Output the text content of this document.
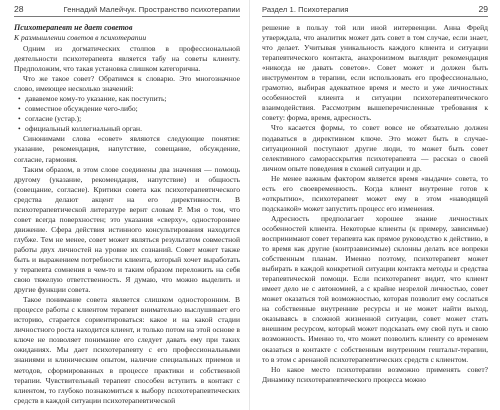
28	Геннадий Малейчук. Пространство психотерапии
Психотерапевт не дает советов
К размышлении советов в психотерапии

Одним из догматических столпов в профессиональной деятельности психотерапевта является табу на советы клиенту. Предположим, что такая установка слишком категорична.

Что же такое совет? Обратимся к словарю. Это многозначное слово, имеющее несколько значений:

• дававемое кому-то указание, как поступить;
• совместное обсуждение чего-либо;
• согласие (устар.);
• официальный коллегиальный орган.

Синонимами слова «совет» являются следующие понятия: указание, рекомендация, напутствие, совещание, обсуждение, согласие, гармония.

Таким образом, в этом слове соединены два значения — помощь другому (указание, рекомендация, напутствие) и общность (совещание, согласие). Критики совета как психотерапевтического средства делают акцент на его директивности. В психотерапевтической литературе вернт словам Р. Мэя о том, что совет всегда поверхностен; это указания «сверху», одностороннее движение. Сфера действия истинного консультирования находится глубже. Тем не менее, совет может являться результатом совместной работы двух личностей на уровне их сознаний. Совет может также быть и выражением потребности клиента, который хочет выработать у терапевта сомнения в чем-то и таким образом переложить на себя свою тяжелую ответственность. Я думаю, что можно выделить и другие функции совета.

Такое понимание совета является слишком односторонним. В процессе работы с клиентом терапевт внимательно выслушивает его историю, старается сориентироваться: какое и на какой стадии личностного роста находится клиент, и только потом на этой основе в ключе не позволяет понимание его следует давать ему при таких ожиданиях. Мы дает психотерапевту с его профессиональными знаниями и клиническим опытом, наличие специальных приемов и методов, сформированных в процессе практики и собственной терапии. Чувствительный терапевт способен вступить в контакт с клиентом, то глубоко познакомиться к выбору психотерапевтических средств в каждой ситуации психотерапевтической

Раздел 1. Психотерапия	29

решение в пользу той или иной интервенции. Анна Фрейд утверждала, что аналитик может дать совет в том случае, если знает, что делает. Учитывая уникальность каждого клиента и ситуации терапевтического контакта, анахронизмом выглядит рекомендация «никогда не давать советов». Совет может и должен быть инструментом в терапии, если использовать его профессионально, грамотно, выбирая адекватное время и место и уже личностных особенностей клиента и ситуации психотерапевтического взаимодействия. Рассмотрим вышеперечисленные требования к совету: форма, время, адресность.

Что касается формы, то совет вовсе не обязательно должен подаваться в директивном ключе. Это может быть в случае-ситуационной поступают другие люди, то может быть совет селективного саморасскрытия психотерапевта — рассказ о своей личном опыте поведения в схожей ситуации и др.

Не менее важным фактором является время «выдачи» совета, то есть его своевременность. Когда клиент внутренне готов к «открытию», психотерапевт может ему в этом «наводящей подсказкой» может запустить процесс его изменения.

Адресность предполагает хорошее знание личностных особенностей клиента. Некоторые клиенты (к примеру, зависимые) воспринимают совет терапевта как прямое руководство к действию, в то время как другие (контрзависимые) склонны делать все вопреки собственным планам. Именно поэтому, психотерапевт может выбирать в каждой конкретной ситуации контакта методы и средства терапевтической помощи. Если психотерапевт видит, что клиент имеет дело не с автономией, а с крайне незрелой личностью, совет может оказаться той возможностью, которая позволит ему сослаться на собственные внутренние ресурсы и не может найти выход, оказываясь в сложной жизненной ситуации, совет может стать внешним ресурсом, который может подсказать ему свой путь и свою возможность. Именно то, что может позволить клиенту со временем оказаться в контакте с собственным внутренним гештальт-терапии, то в этом с аренаной психотерапевтических средств с клиентом.

Но какое место психотерапии возможно применять совет? Динамику психотерапевтического процесса можно
